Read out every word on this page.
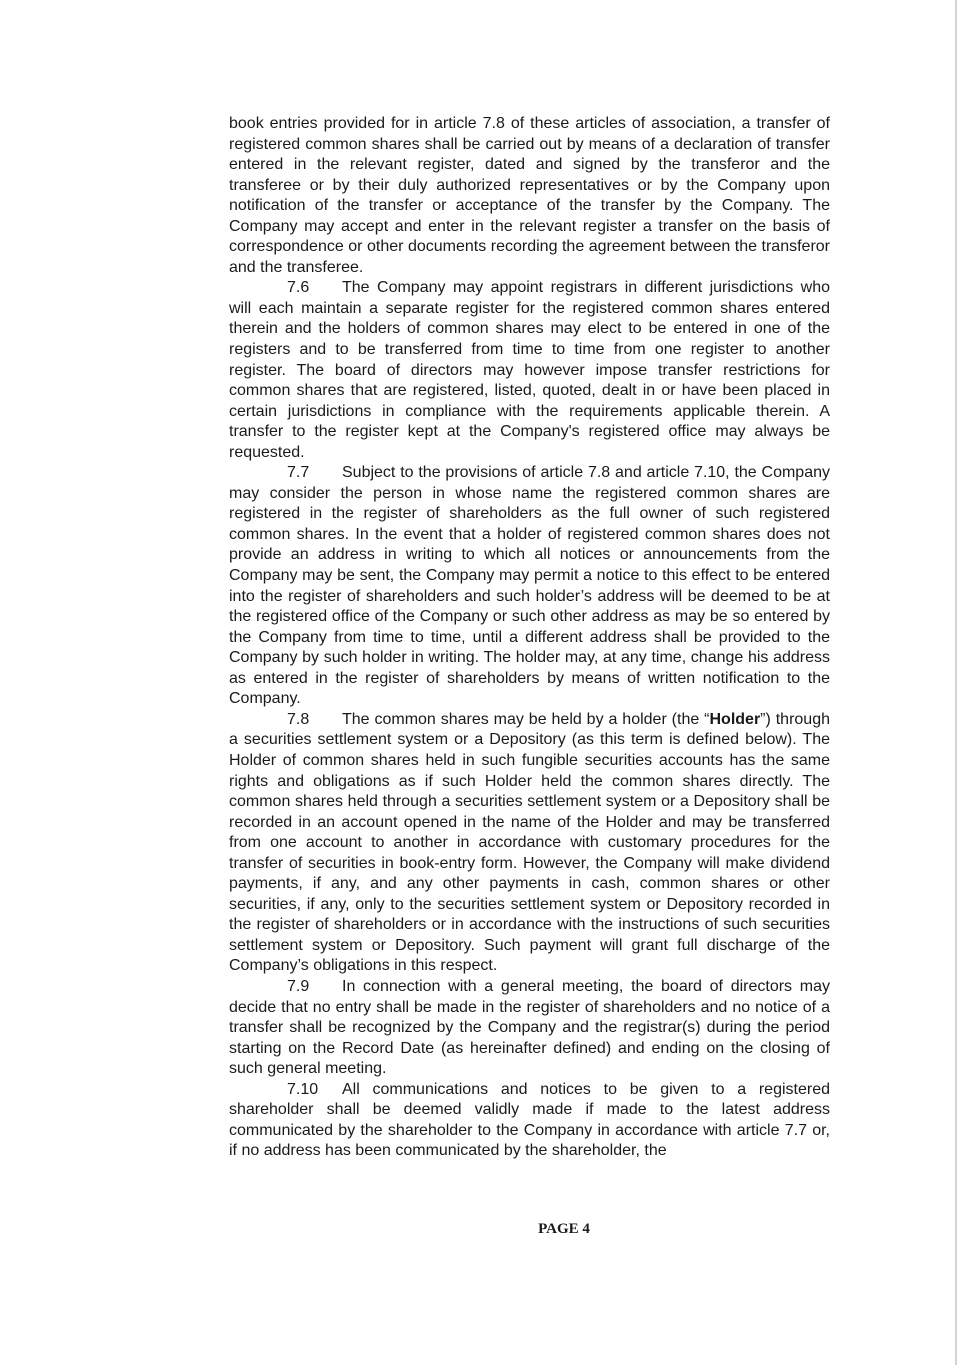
book entries provided for in article 7.8 of these articles of association, a transfer of registered common shares shall be carried out by means of a declaration of transfer entered in the relevant register, dated and signed by the transferor and the transferee or by their duly authorized representatives or by the Company upon notification of the transfer or acceptance of the transfer by the Company. The Company may accept and enter in the relevant register a transfer on the basis of correspondence or other documents recording the agreement between the transferor and the transferee.

7.6 The Company may appoint registrars in different jurisdictions who will each maintain a separate register for the registered common shares entered therein and the holders of common shares may elect to be entered in one of the registers and to be transferred from time to time from one register to another register. The board of directors may however impose transfer restrictions for common shares that are registered, listed, quoted, dealt in or have been placed in certain jurisdictions in compliance with the requirements applicable therein. A transfer to the register kept at the Company's registered office may always be requested.

7.7 Subject to the provisions of article 7.8 and article 7.10, the Company may consider the person in whose name the registered common shares are registered in the register of shareholders as the full owner of such registered common shares. In the event that a holder of registered common shares does not provide an address in writing to which all notices or announcements from the Company may be sent, the Company may permit a notice to this effect to be entered into the register of shareholders and such holder’s address will be deemed to be at the registered office of the Company or such other address as may be so entered by the Company from time to time, until a different address shall be provided to the Company by such holder in writing. The holder may, at any time, change his address as entered in the register of shareholders by means of written notification to the Company.

7.8 The common shares may be held by a holder (the “Holder”) through a securities settlement system or a Depository (as this term is defined below). The Holder of common shares held in such fungible securities accounts has the same rights and obligations as if such Holder held the common shares directly. The common shares held through a securities settlement system or a Depository shall be recorded in an account opened in the name of the Holder and may be transferred from one account to another in accordance with customary procedures for the transfer of securities in book-entry form. However, the Company will make dividend payments, if any, and any other payments in cash, common shares or other securities, if any, only to the securities settlement system or Depository recorded in the register of shareholders or in accordance with the instructions of such securities settlement system or Depository. Such payment will grant full discharge of the Company’s obligations in this respect.

7.9 In connection with a general meeting, the board of directors may decide that no entry shall be made in the register of shareholders and no notice of a transfer shall be recognized by the Company and the registrar(s) during the period starting on the Record Date (as hereinafter defined) and ending on the closing of such general meeting.

7.10 All communications and notices to be given to a registered shareholder shall be deemed validly made if made to the latest address communicated by the shareholder to the Company in accordance with article 7.7 or, if no address has been communicated by the shareholder, the

PAGE 4
